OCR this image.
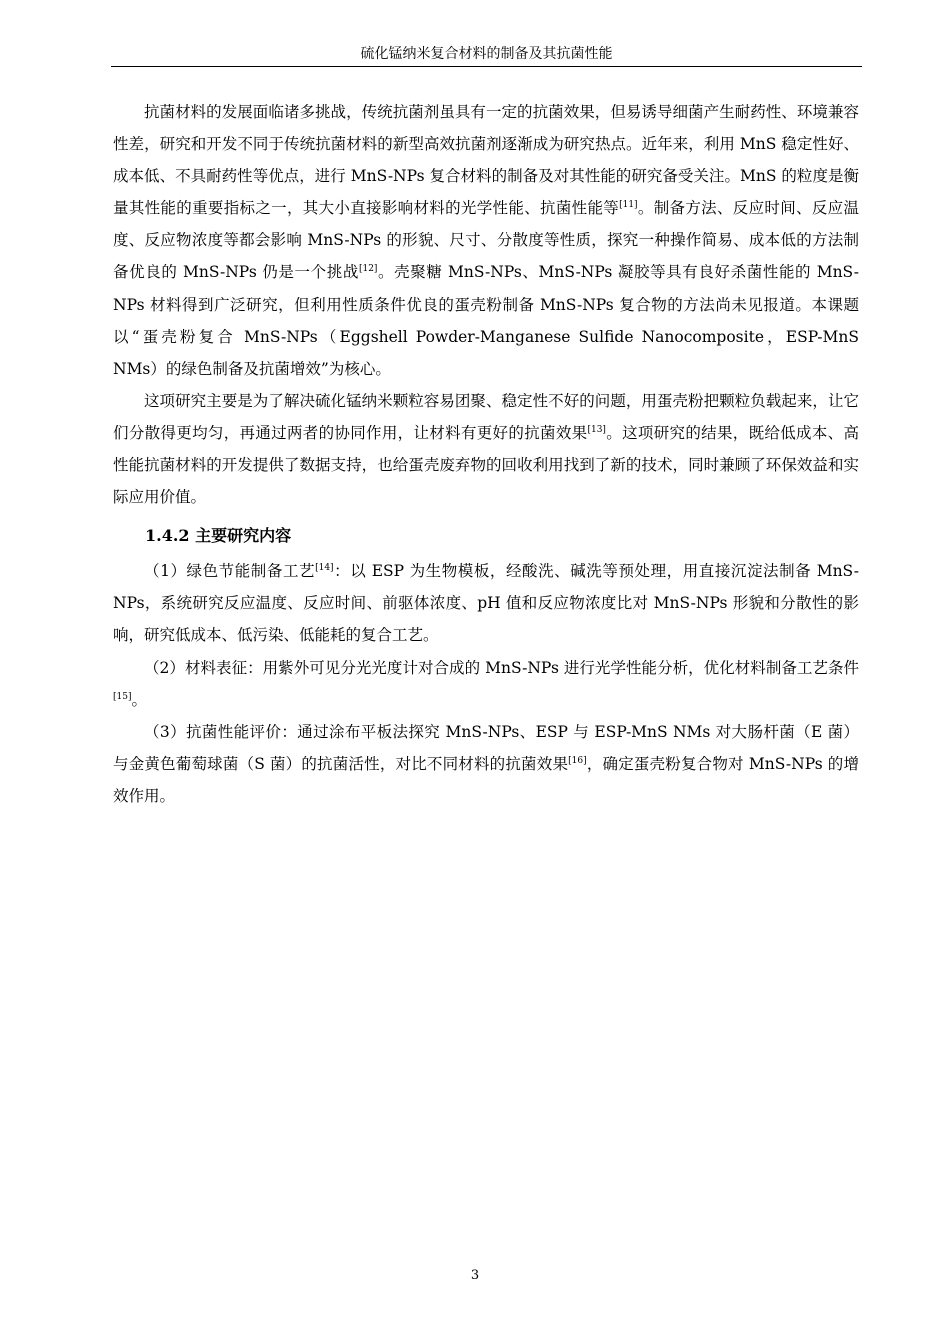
硫化锰纳米复合材料的制备及其抗菌性能

抗菌材料的发展面临诸多挑战，传统抗菌剂虽具有一定的抗菌效果，但易诱导细菌产生耐药性、环境兼容性差，研究和开发不同于传统抗菌材料的新型高效抗菌剂逐渐成为研究热点。近年来，利用 MnS 稳定性好、成本低、不具耐药性等优点，进行 MnS-NPs 复合材料的制备及对其性能的研究备受关注。MnS 的粒度是衡量其性能的重要指标之一，其大小直接影响材料的光学性能、抗菌性能等[11]。制备方法、反应时间、反应温度、反应物浓度等都会影响 MnS-NPs 的形貌、尺寸、分散度等性质，探究一种操作简易、成本低的方法制备优良的 MnS-NPs 仍是一个挑战[12]。壳聚糖 MnS-NPs、MnS-NPs 凝胶等具有良好杀菌性能的 MnS-NPs 材料得到广泛研究，但利用性质条件优良的蛋壳粉制备 MnS-NPs 复合物的方法尚未见报道。本课题以“蛋壳粉复合 MnS-NPs（Eggshell Powder-Manganese Sulfide Nanocomposite，ESP-MnS NMs）的绿色制备及抗菌增效”为核心。

这项研究主要是为了解决硫化锰纳米颗粒容易团聚、稳定性不好的问题，用蛋壳粉把颗粒负载起来，让它们分散得更均匀，再通过两者的协同作用，让材料有更好的抗菌效果[13]。这项研究的结果，既给低成本、高性能抗菌材料的开发提供了数据支持，也给蛋壳废弃物的回收利用找到了新的技术，同时兼顾了环保效益和实际应用价值。

1.4.2 主要研究内容

（1）绿色节能制备工艺[14]：以 ESP 为生物模板，经酸洗、碱洗等预处理，用直接沉淀法制备 MnS-NPs，系统研究反应温度、反应时间、前驱体浓度、pH 值和反应物浓度比对 MnS-NPs 形貌和分散性的影响，研究低成本、低污染、低能耗的复合工艺。

（2）材料表征：用紫外可见分光光度计对合成的 MnS-NPs 进行光学性能分析，优化材料制备工艺条件[15]。

（3）抗菌性能评价：通过涂布平板法探究 MnS-NPs、ESP 与 ESP-MnS NMs 对大肠杆菌（E 菌）与金黄色葡萄球菌（S 菌）的抗菌活性，对比不同材料的抗菌效果[16]，确定蛋壳粉复合物对 MnS-NPs 的增效作用。

3
